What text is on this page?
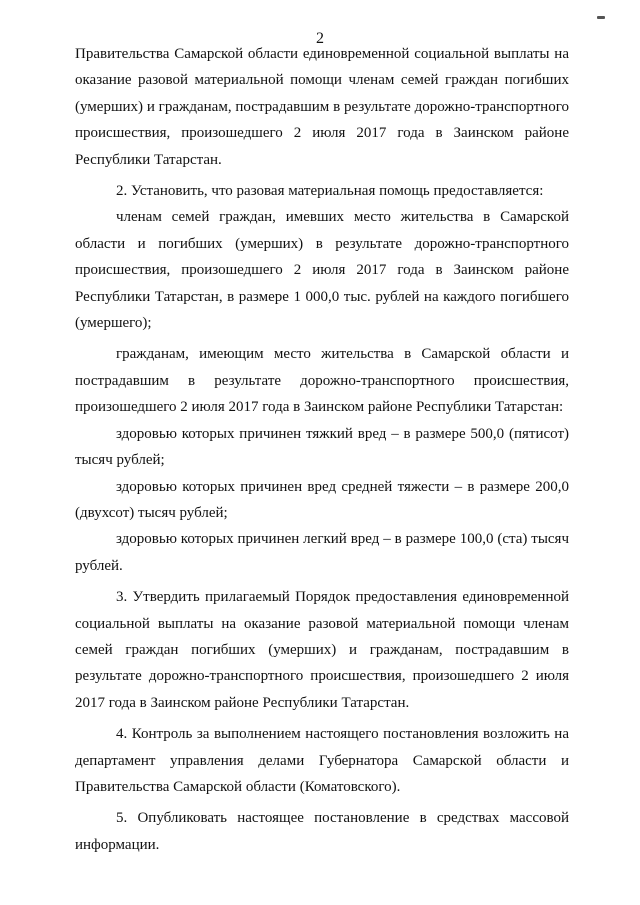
2

Правительства Самарской области единовременной социальной выплаты на оказание разовой материальной помощи членам семей граждан погибших (умерших) и гражданам, пострадавшим в результате дорожно-транспортного происшествия, произошедшего 2 июля 2017 года в Заинском районе Республики Татарстан.

2. Установить, что разовая материальная помощь предоставляется:

членам семей граждан, имевших место жительства в Самарской области и погибших (умерших) в результате дорожно-транспортного происшествия, произошедшего 2 июля 2017 года в Заинском районе Республики Татарстан, в размере 1 000,0 тыс. рублей на каждого погибшего (умершего);

гражданам, имеющим место жительства в Самарской области и пострадавшим в результате дорожно-транспортного происшествия, произошедшего 2 июля 2017 года в Заинском районе Республики Татарстан:

здоровью которых причинен тяжкий вред – в размере 500,0 (пятисот) тысяч рублей;

здоровью которых причинен вред средней тяжести – в размере 200,0 (двухсот) тысяч рублей;

здоровью которых причинен легкий вред – в размере 100,0 (ста) тысяч рублей.

3. Утвердить прилагаемый Порядок предоставления единовременной социальной выплаты на оказание разовой материальной помощи членам семей граждан погибших (умерших) и гражданам, пострадавшим в результате дорожно-транспортного происшествия, произошедшего 2 июля 2017 года в Заинском районе Республики Татарстан.

4. Контроль за выполнением настоящего постановления возложить на департамент управления делами Губернатора Самарской области и Правительства Самарской области (Коматовского).

5. Опубликовать настоящее постановление в средствах массовой информации.
